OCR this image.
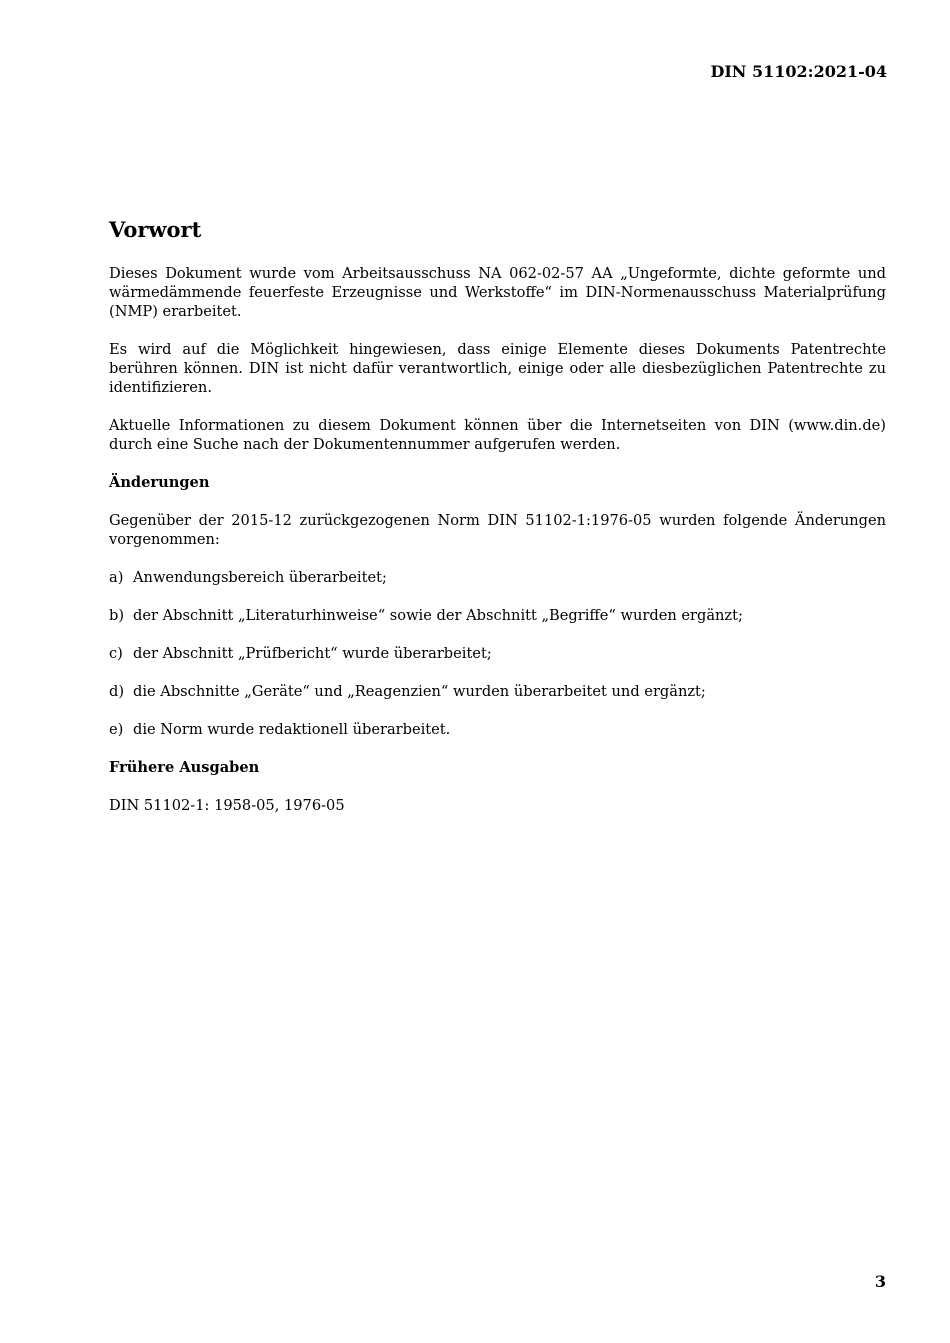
DIN 51102:2021-04
Vorwort

Dieses Dokument wurde vom Arbeitsausschuss NA 062-02-57 AA „Ungeformte, dichte geformte und wärmedämmende feuerfeste Erzeugnisse und Werkstoffe“ im DIN-Normenausschuss Materialprüfung (NMP) erarbeitet.

Es wird auf die Möglichkeit hingewiesen, dass einige Elemente dieses Dokuments Patentrechte berühren können. DIN ist nicht dafür verantwortlich, einige oder alle diesbezüglichen Patentrechte zu identifizieren.

Aktuelle Informationen zu diesem Dokument können über die Internetseiten von DIN (www.din.de) durch eine Suche nach der Dokumentennummer aufgerufen werden.

Änderungen

Gegenüber der 2015-12 zurückgezogenen Norm DIN 51102-1:1976-05 wurden folgende Änderungen vorgenommen:

a) Anwendungsbereich überarbeitet;
b) der Abschnitt „Literaturhinweise“ sowie der Abschnitt „Begriffe“ wurden ergänzt;
c) der Abschnitt „Prüfbericht“ wurde überarbeitet;
d) die Abschnitte „Geräte“ und „Reagenzien“ wurden überarbeitet und ergänzt;
e) die Norm wurde redaktionell überarbeitet.
Frühere Ausgaben

DIN 51102-1: 1958-05, 1976-05

3
